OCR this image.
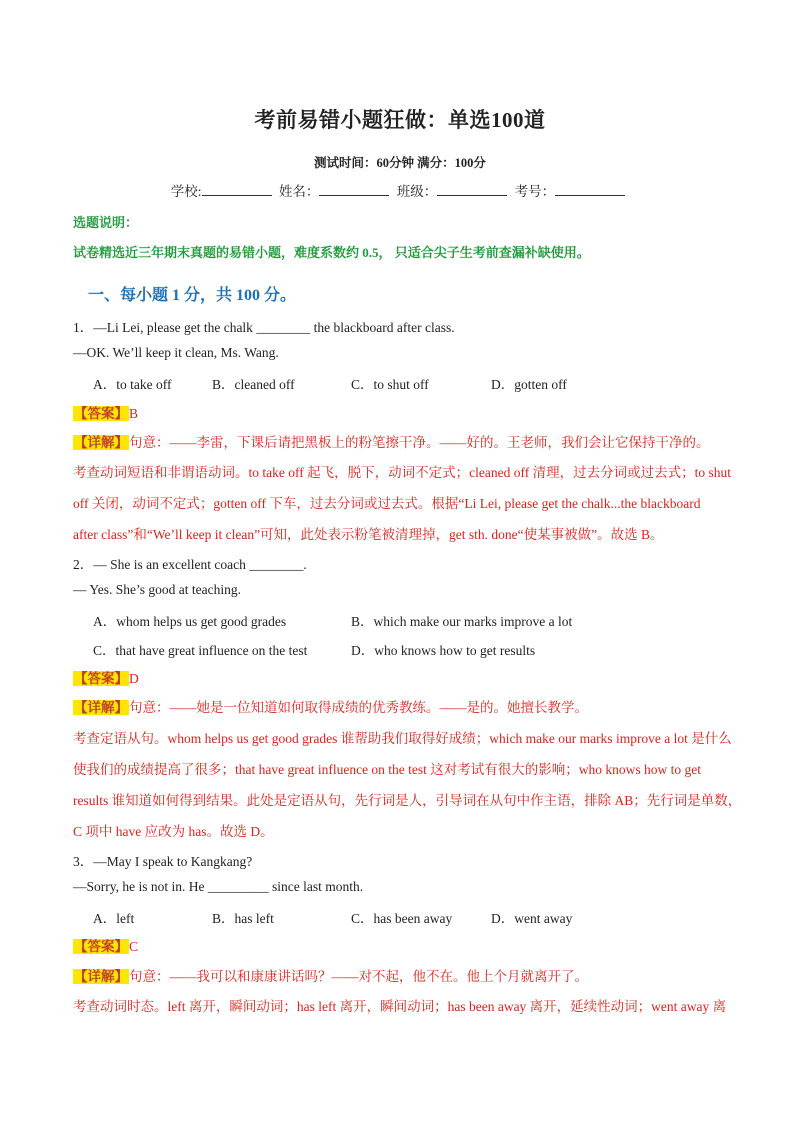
考前易错小题狂做：单选100道
测试时间：60分钟 满分：100分
学校:	姓名：	班级：	考号：
选题说明：
试卷精选近三年期末真题的易错小题，难度系数约 0.5， 只适合尖子生考前查漏补缺使用。
一、每小题 1 分，共 100 分。
1．—Li Lei, please get the chalk ________ the blackboard after class.
—OK. We’ll keep it clean, Ms. Wang.
A．to take off	B．cleaned off	C．to shut off	D．gotten off
【答案】B
【详解】句意：——李雷，下课后请把黑板上的粉笔擦干净。——好的。王老师，我们会让它保持干净的。
考查动词短语和非谓语动词。to take off 起飞，脱下，动词不定式；cleaned off 清理，过去分词或过去式；to shut
off 关闭，动词不定式；gotten off 下车，过去分词或过去式。根据“Li Lei, please get the chalk...the blackboard
after class”和“We’ll keep it clean”可知，此处表示粉笔被清理掉，get sth. done“使某事被做”。故选 B。
2．— She is an excellent coach ________.
— Yes. She’s good at teaching.
A．whom helps us get good grades	B．which make our marks improve a lot
C．that have great influence on the test	D．who knows how to get results
【答案】D
【详解】句意：——她是一位知道如何取得成绩的优秀教练。——是的。她擅长教学。
考查定语从句。whom helps us get good grades 谁帮助我们取得好成绩；which make our marks improve a lot 是什么
使我们的成绩提高了很多；that have great influence on the test 这对考试有很大的影响；who knows how to get
results 谁知道如何得到结果。此处是定语从句，先行词是人，引导词在从句中作主语，排除 AB；先行词是单数，
C 项中 have 应改为 has。故选 D。
3．—May I speak to Kangkang?
—Sorry, he is not in. He _________ since last month.
A．left	B．has left	C．has been away	D．went away
【答案】C
【详解】句意：——我可以和康康讲话吗？——对不起，他不在。他上个月就离开了。
考查动词时态。left 离开，瞬间动词；has left 离开，瞬间动词；has been away 离开，延续性动词；went away 离
